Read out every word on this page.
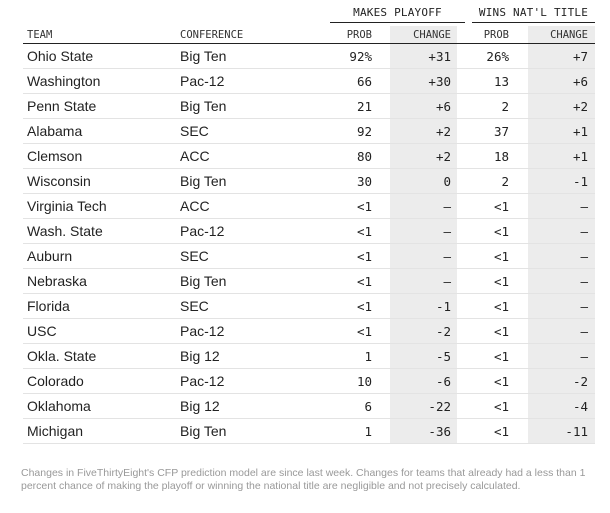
MAKES PLAYOFF	WINS NAT'L TITLE
TEAM	CONFERENCE	PROB	CHANGE	PROB	CHANGE
Ohio State	Big Ten	92%	+31	26%	+7
Washington	Pac-12	66	+30	13	+6
Penn State	Big Ten	21	+6	2	+2
Alabama	SEC	92	+2	37	+1
Clemson	ACC	80	+2	18	+1
Wisconsin	Big Ten	30	0	2	-1
Virginia Tech	ACC	<1	—	<1	—
Wash. State	Pac-12	<1	—	<1	—
Auburn	SEC	<1	—	<1	—
Nebraska	Big Ten	<1	—	<1	—
Florida	SEC	<1	-1	<1	—
USC	Pac-12	<1	-2	<1	—
Okla. State	Big 12	1	-5	<1	—
Colorado	Pac-12	10	-6	<1	-2
Oklahoma	Big 12	6	-22	<1	-4
Michigan	Big Ten	1	-36	<1	-11
Changes in FiveThirtyEight's CFP prediction model are since last week. Changes for teams that already had a less than 1 percent chance of making the playoff or winning the national title are negligible and not precisely calculated.
